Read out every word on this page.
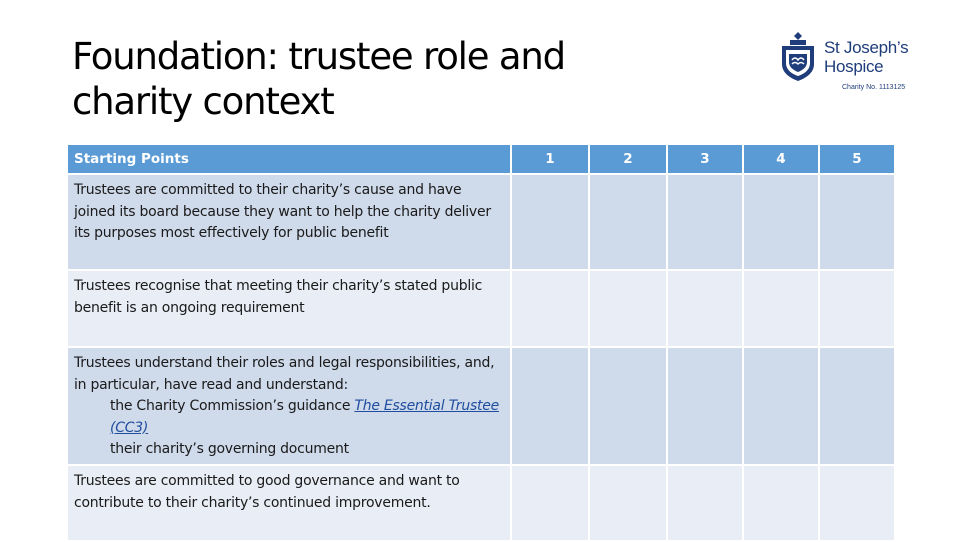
Foundation: trustee role and
charity context
St Joseph’s
Hospice
Charity No. 1113125
Starting Points	1	2	3	4	5
Trustees are committed to their charity’s cause and have joined its board because they want to help the charity deliver its purposes most effectively for public benefit					
Trustees recognise that meeting their charity’s stated public benefit is an ongoing requirement					
Trustees understand their roles and legal responsibilities, and, in particular, have read and understand:
the Charity Commission’s guidance The Essential Trustee (CC3)
their charity’s governing document					

Trustees are committed to good governance and want to contribute to their charity’s continued improvement.					
